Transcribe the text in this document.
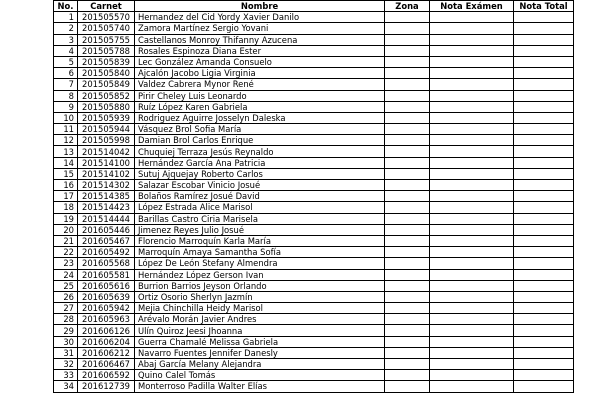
No.	Carnet	Nombre	Zona	Nota Exámen	Nota Total
1	201505570	Hernandez del Cid Yordy Xavier Danilo			
2	201505740	Zamora Martínez Sergio Yovani			
3	201505755	Castellanos Monroy Thifanny Azucena			
4	201505788	Rosales Espinoza Diana Ester			
5	201505839	Lec González Amanda Consuelo			
6	201505840	Ajcalón Jacobo Ligia Virginia			
7	201505849	Valdez Cabrera Mynor René			
8	201505852	Pirir Cheley Luis Leonardo			
9	201505880	Ruíz López Karen Gabriela			
10	201505939	Rodriguez Aguirre Josselyn Daleska			
11	201505944	Vásquez Brol Sofia María			
12	201505998	Damian Brol Carlos Enrique			
13	201514042	Chuquiej Terraza Jesús Reynaldo			
14	201514100	Hernández García Ana Patricia			
15	201514102	Sutuj Ajquejay Roberto Carlos			
16	201514302	Salazar Escobar Vinicio Josué			
17	201514385	Bolaños Ramírez Josué David			
18	201514423	López Estrada Alice Marisol			
19	201514444	Barillas Castro Ciria Marisela			
20	201605446	Jimenez Reyes Julio Josué			
21	201605467	Florencio Marroquín Karla María			
22	201605492	Marroquín Amaya Samantha Sofía			
23	201605568	López De León Stefany Almendra			
24	201605581	Hernández López Gerson Ivan			
25	201605616	Burrion Barrios Jeyson Orlando			
26	201605639	Ortiz Osorio Sherlyn Jazmín			
27	201605942	Mejia Chinchilla Heidy Marisol			
28	201605963	Arévalo Morán Javier Andres			
29	201606126	Ulín Quiroz Jeesi Jhoanna			
30	201606204	Guerra Chamalé Melissa Gabriela			
31	201606212	Navarro Fuentes Jennifer Danesly			
32	201606467	Abaj García Melany Alejandra			
33	201606592	Quino Calel Tomás			
34	201612739	Monterroso Padilla Walter Elías			
